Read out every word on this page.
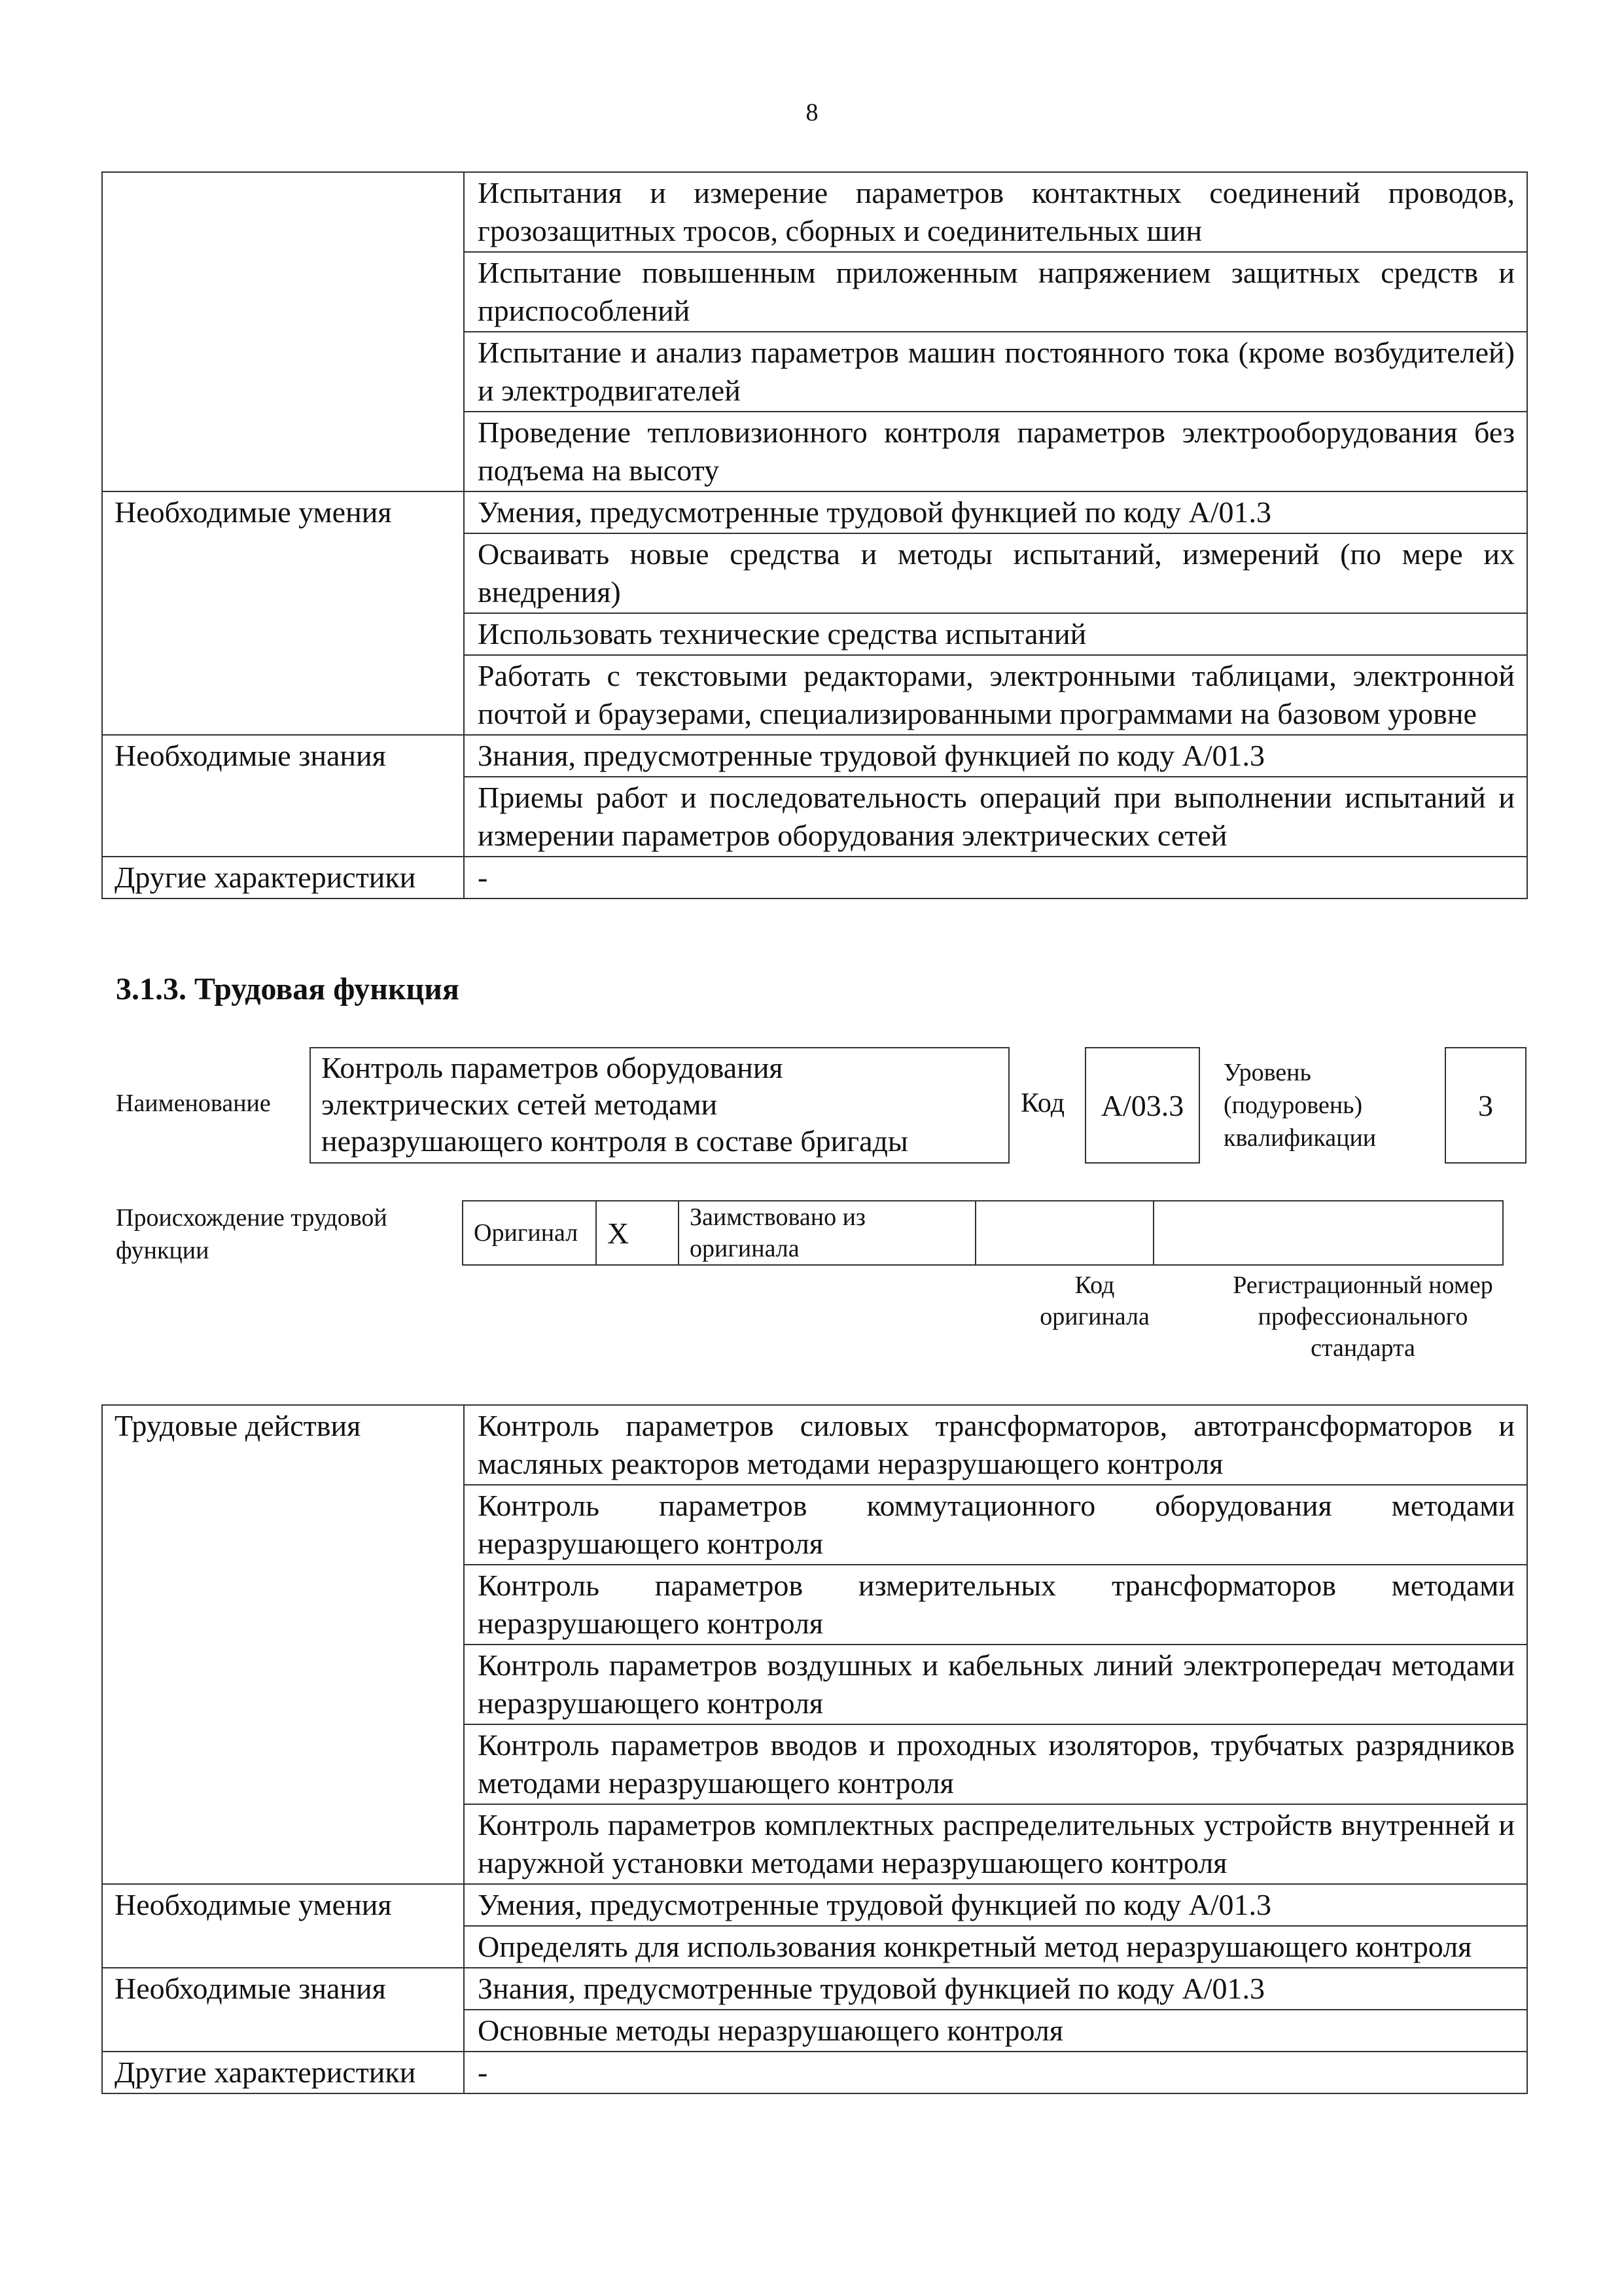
8
	Испытания и измерение параметров контактных соединений проводов, грозозащитных тросов, сборных и соединительных шин
	Испытание повышенным приложенным напряжением защитных средств и приспособлений
	Испытание и анализ параметров машин постоянного тока (кроме возбудителей) и электродвигателей
	Проведение тепловизионного контроля параметров электрооборудования без подъема на высоту
Необходимые умения	Умения, предусмотренные трудовой функцией по коду A/01.3
	Осваивать новые средства и методы испытаний, измерений (по мере их внедрения)
	Использовать технические средства испытаний
	Работать с текстовыми редакторами, электронными таблицами, электронной почтой и браузерами, специализированными программами на базовом уровне
Необходимые знания	Знания, предусмотренные трудовой функцией по коду A/01.3
	Приемы работ и последовательность операций при выполнении испытаний и измерении параметров оборудования электрических сетей
Другие характеристики	-
3.1.3. Трудовая функция
Наименование
Контроль параметров оборудования
электрических сетей методами
неразрушающего контроля в составе бригады
Код	A/03.3
Уровень
(подуровень)
квалификации
3
Происхождение трудовой
функции
Оригинал	X	Заимствовано из
оригинала

Код
оригинала
Регистрационный номер
профессионального
стандарта
Трудовые действия	Контроль параметров силовых трансформаторов, автотрансформаторов и масляных реакторов методами неразрушающего контроля
	Контроль параметров коммутационного оборудования методами неразрушающего контроля
	Контроль параметров измерительных трансформаторов методами неразрушающего контроля
	Контроль параметров воздушных и кабельных линий электропередач методами неразрушающего контроля
	Контроль параметров вводов и проходных изоляторов, трубчатых разрядников методами неразрушающего контроля
	Контроль параметров комплектных распределительных устройств внутренней и наружной установки методами неразрушающего контроля
Необходимые умения	Умения, предусмотренные трудовой функцией по коду A/01.3
	Определять для использования конкретный метод неразрушающего контроля
Необходимые знания	Знания, предусмотренные трудовой функцией по коду A/01.3
	Основные методы неразрушающего контроля
Другие характеристики	-
